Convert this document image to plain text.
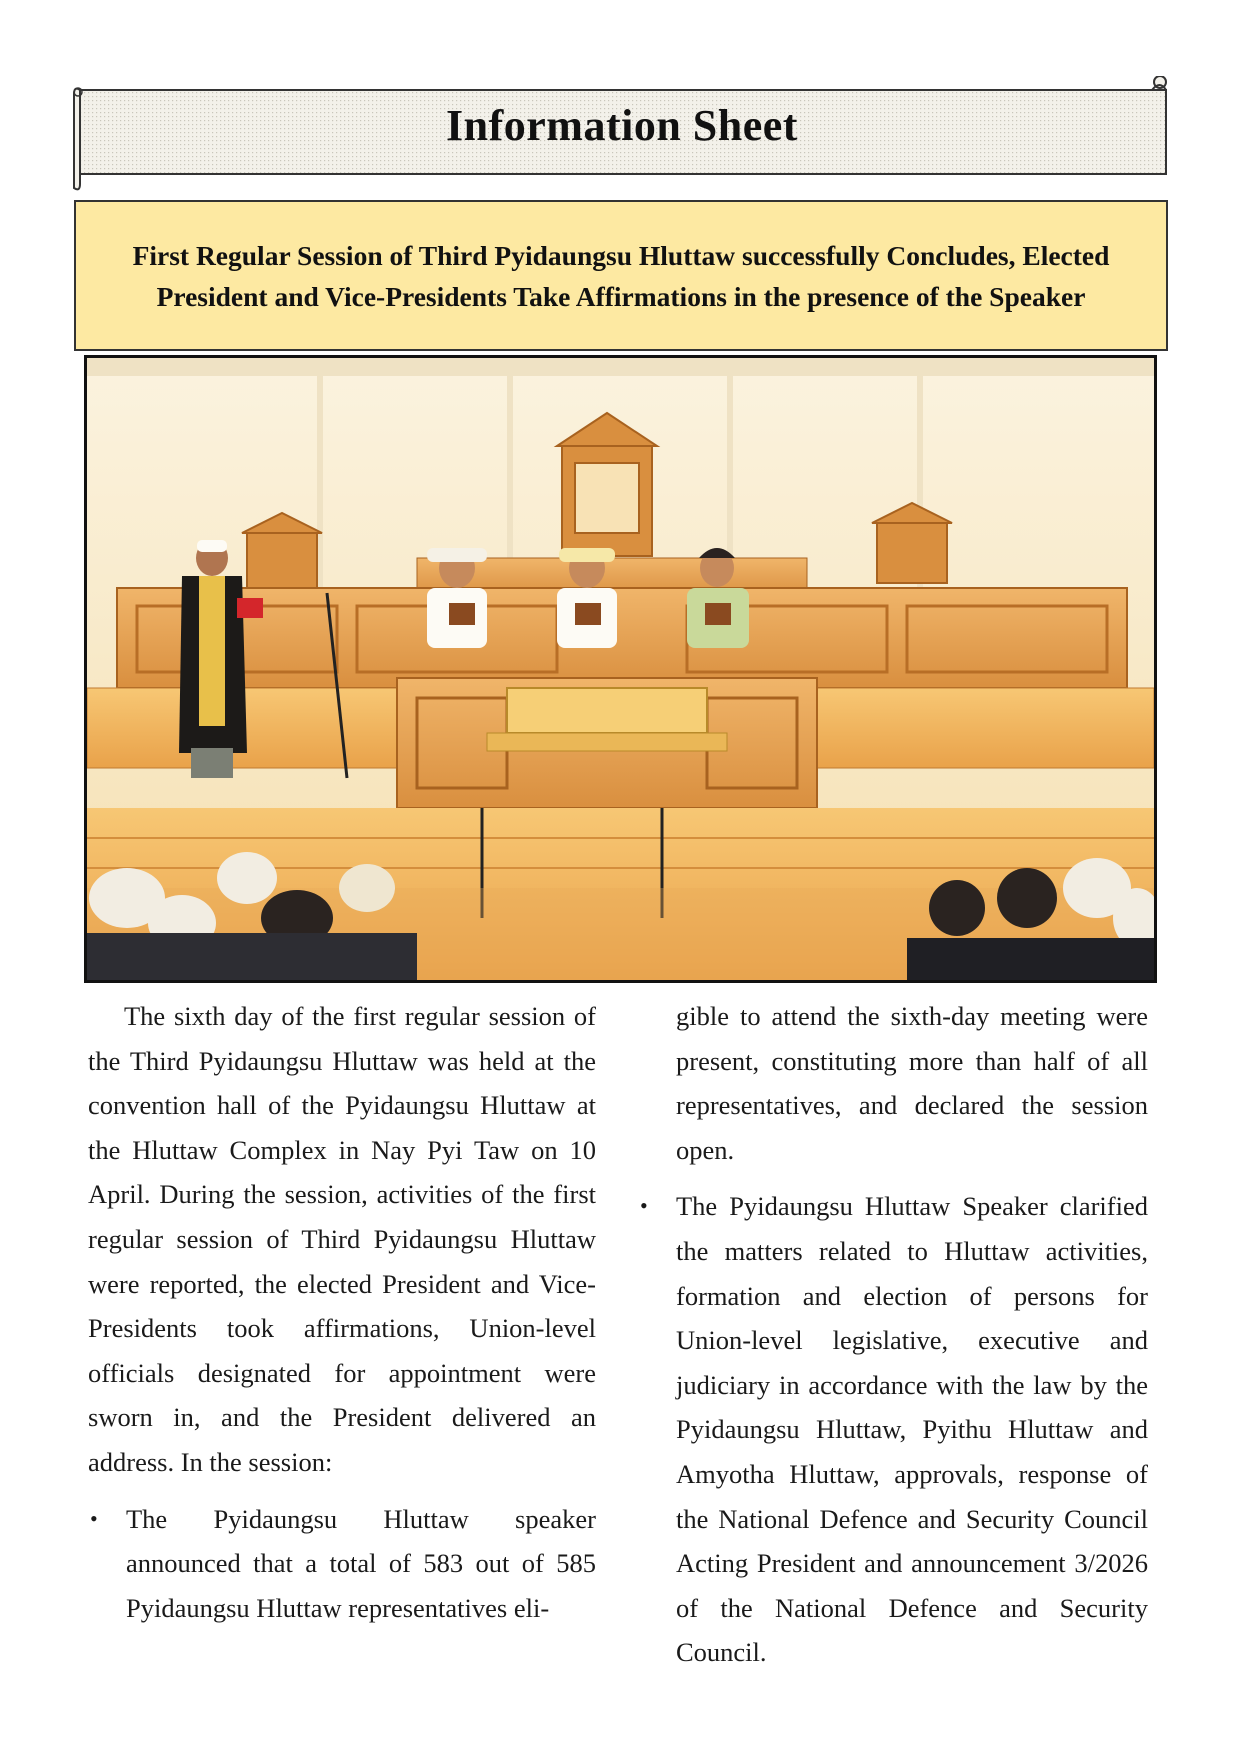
Information Sheet
First Regular Session of Third Pyidaungsu Hluttaw successfully Concludes, Elected President and Vice-Presidents Take Affirmations in the presence of the Speaker

The sixth day of the first regular session of the Third Pyidaungsu Hluttaw was held at the convention hall of the Pyidaungsu Hluttaw at the Hluttaw Complex in Nay Pyi Taw on 10 April. During the session, activities of the first regular session of Third Pyidaungsu Hluttaw were reported, the elected President and Vice-Presidents took affirmations, Union-level officials designated for appointment were sworn in, and the President delivered an address. In the session:

• The Pyidaungsu Hluttaw speaker announced that a total of 583 out of 585 Pyidaungsu Hluttaw representatives eli-

gible to attend the sixth-day meeting were present, constituting more than half of all representatives, and declared the session open.

• The Pyidaungsu Hluttaw Speaker clarified the matters related to Hluttaw activities, formation and election of persons for Union-level legislative, executive and judiciary in accordance with the law by the Pyidaungsu Hluttaw, Pyithu Hluttaw and Amyotha Hluttaw, approvals, response of the National Defence and Security Council Acting President and announcement 3/2026 of the National Defence and Security Council.
